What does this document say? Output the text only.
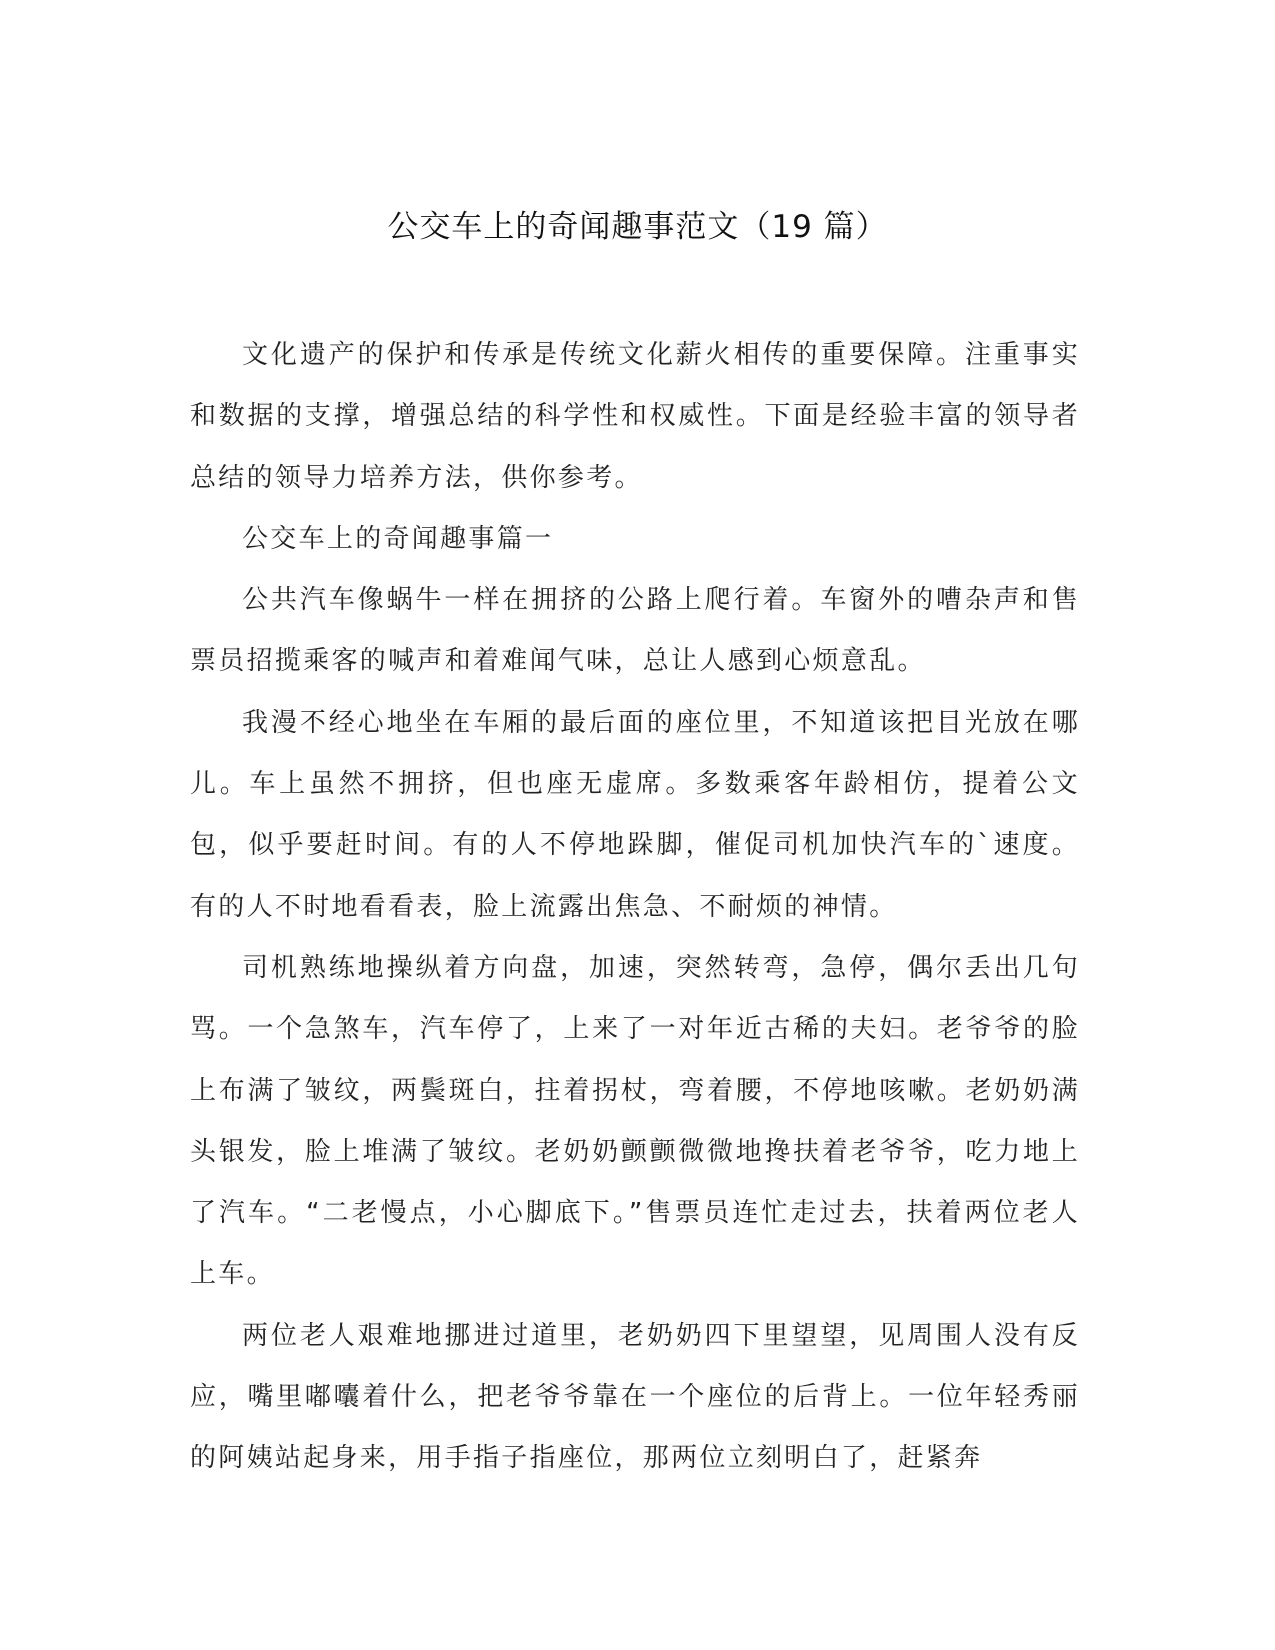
公交车上的奇闻趣事范文（19 篇）

文化遗产的保护和传承是传统文化薪火相传的重要保障。注重事实和数据的支撑，增强总结的科学性和权威性。下面是经验丰富的领导者总结的领导力培养方法，供你参考。

公交车上的奇闻趣事篇一

公共汽车像蜗牛一样在拥挤的公路上爬行着。车窗外的嘈杂声和售票员招揽乘客的喊声和着难闻气味，总让人感到心烦意乱。

我漫不经心地坐在车厢的最后面的座位里，不知道该把目光放在哪儿。车上虽然不拥挤，但也座无虚席。多数乘客年龄相仿，提着公文包，似乎要赶时间。有的人不停地跺脚，催促司机加快汽车的`速度。有的人不时地看看表，脸上流露出焦急、不耐烦的神情。

司机熟练地操纵着方向盘，加速，突然转弯，急停，偶尔丢出几句骂。一个急煞车，汽车停了，上来了一对年近古稀的夫妇。老爷爷的脸上布满了皱纹，两鬓斑白，拄着拐杖，弯着腰，不停地咳嗽。老奶奶满头银发，脸上堆满了皱纹。老奶奶颤颤微微地搀扶着老爷爷，吃力地上了汽车。“二老慢点，小心脚底下。”售票员连忙走过去，扶着两位老人上车。

两位老人艰难地挪进过道里，老奶奶四下里望望，见周围人没有反应，嘴里嘟囔着什么，把老爷爷靠在一个座位的后背上。一位年轻秀丽的阿姨站起身来，用手指子指座位，那两位立刻明白了，赶紧奔
